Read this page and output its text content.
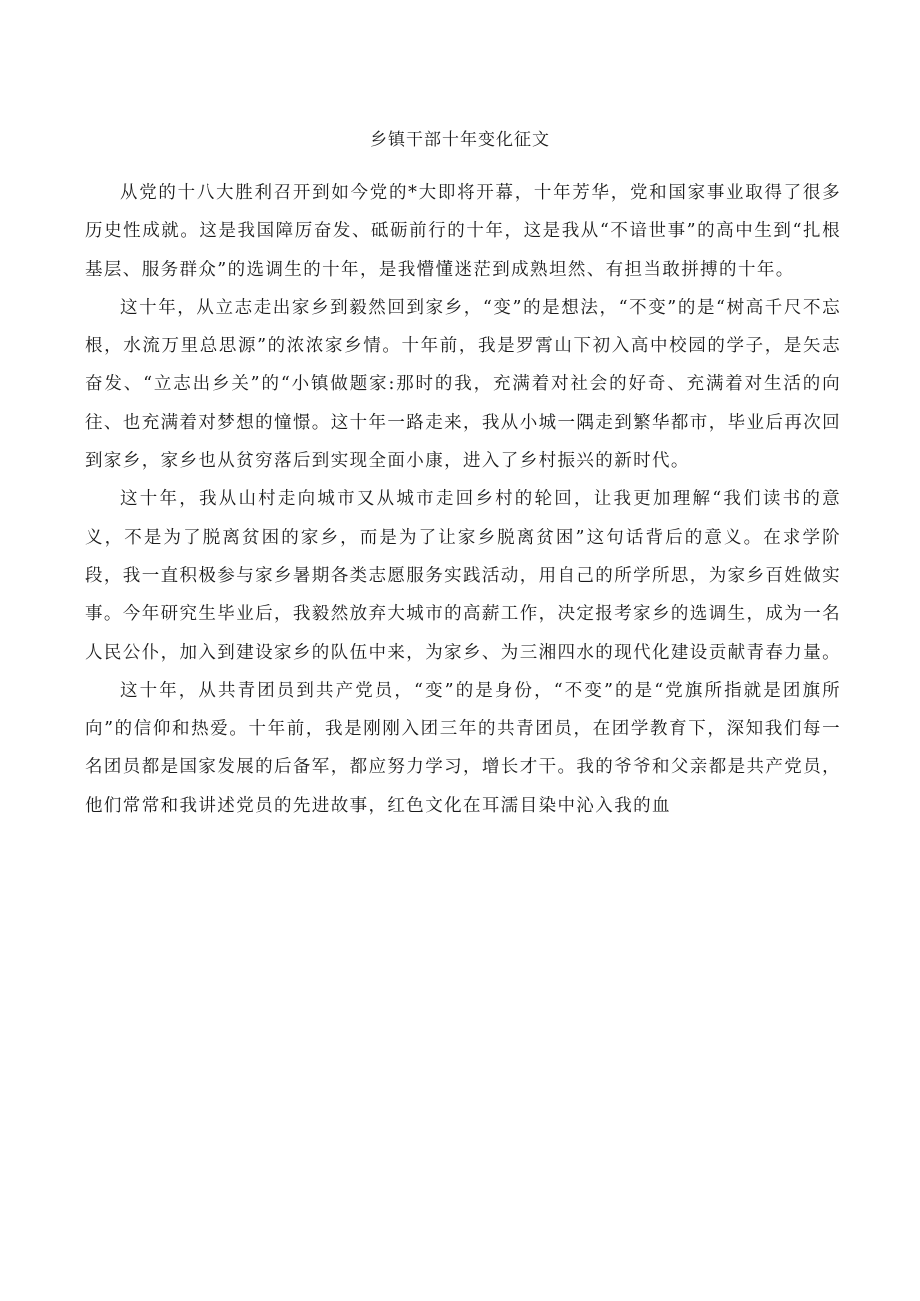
乡镇干部十年变化征文

从党的十八大胜利召开到如今党的*大即将开幕，十年芳华，党和国家事业取得了很多历史性成就。这是我国障厉奋发、砥砺前行的十年，这是我从“不谙世事”的高中生到“扎根基层、服务群众”的选调生的十年，是我懵懂迷茫到成熟坦然、有担当敢拼搏的十年。

这十年，从立志走出家乡到毅然回到家乡，“变”的是想法，“不变”的是“树高千尺不忘根，水流万里总思源”的浓浓家乡情。十年前，我是罗霄山下初入高中校园的学子，是矢志奋发、“立志出乡关”的“小镇做题家:那时的我，充满着对社会的好奇、充满着对生活的向往、也充满着对梦想的憧憬。这十年一路走来，我从小城一隅走到繁华都市，毕业后再次回到家乡，家乡也从贫穷落后到实现全面小康，进入了乡村振兴的新时代。

这十年，我从山村走向城市又从城市走回乡村的轮回，让我更加理解“我们读书的意义，不是为了脱离贫困的家乡，而是为了让家乡脱离贫困”这句话背后的意义。在求学阶段，我一直积极参与家乡暑期各类志愿服务实践活动，用自己的所学所思，为家乡百姓做实事。今年研究生毕业后，我毅然放弃大城市的高薪工作，决定报考家乡的选调生，成为一名人民公仆，加入到建设家乡的队伍中来，为家乡、为三湘四水的现代化建设贡献青春力量。

这十年，从共青团员到共产党员，“变”的是身份，“不变”的是“党旗所指就是团旗所向”的信仰和热爱。十年前，我是刚刚入团三年的共青团员，在团学教育下，深知我们每一名团员都是国家发展的后备军，都应努力学习，增长才干。我的爷爷和父亲都是共产党员，他们常常和我讲述党员的先进故事，红色文化在耳濡目染中沁入我的血
